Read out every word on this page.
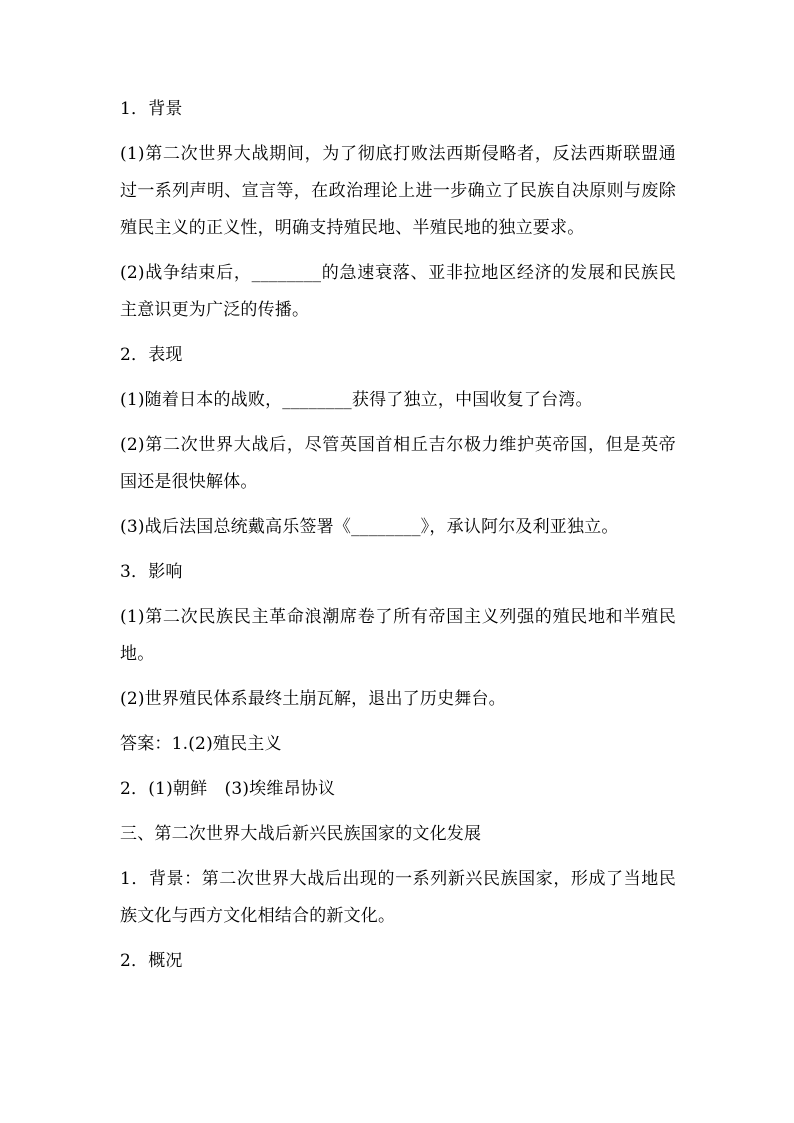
1．背景

(1)第二次世界大战期间，为了彻底打败法西斯侵略者，反法西斯联盟通过一系列声明、宣言等，在政治理论上进一步确立了民族自决原则与废除殖民主义的正义性，明确支持殖民地、半殖民地的独立要求。

(2)战争结束后，________的急速衰落、亚非拉地区经济的发展和民族民主意识更为广泛的传播。

2．表现

(1)随着日本的战败，________获得了独立，中国收复了台湾。

(2)第二次世界大战后，尽管英国首相丘吉尔极力维护英帝国，但是英帝国还是很快解体。

(3)战后法国总统戴高乐签署《________》，承认阿尔及利亚独立。

3．影响

(1)第二次民族民主革命浪潮席卷了所有帝国主义列强的殖民地和半殖民地。

(2)世界殖民体系最终土崩瓦解，退出了历史舞台。

答案：1.(2)殖民主义

2．(1)朝鲜　(3)埃维昂协议

三、第二次世界大战后新兴民族国家的文化发展

1．背景：第二次世界大战后出现的一系列新兴民族国家，形成了当地民族文化与西方文化相结合的新文化。

2．概况
